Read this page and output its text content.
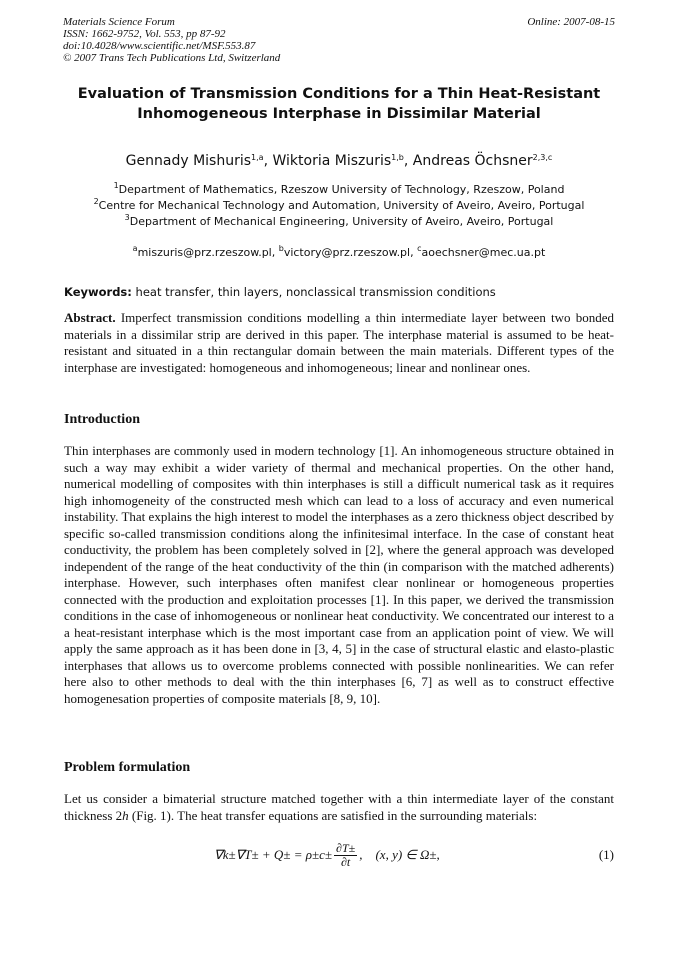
Materials Science Forum
ISSN: 1662-9752, Vol. 553, pp 87-92
doi:10.4028/www.scientific.net/MSF.553.87
© 2007 Trans Tech Publications Ltd, Switzerland
Online: 2007-08-15
Evaluation of Transmission Conditions for a Thin Heat-Resistant
Inhomogeneous Interphase in Dissimilar Material
Gennady Mishuris$^{1,a}$, Wiktoria Miszuris$^{1,b}$, Andreas Öchsner$^{2,3,c}$
$^1$Department of Mathematics, Rzeszow University of Technology, Rzeszow, Poland
$^2$Centre for Mechanical Technology and Automation, University of Aveiro, Aveiro, Portugal
$^3$Department of Mechanical Engineering, University of Aveiro, Aveiro, Portugal
$^a$miszuris@prz.rzeszow.pl, $^b$victory@prz.rzeszow.pl, $^c$aoechsner@mec.ua.pt
Keywords: heat transfer, thin layers, nonclassical transmission conditions
Abstract. Imperfect transmission conditions modelling a thin intermediate layer between two bonded materials in a dissimilar strip are derived in this paper. The interphase material is assumed to be heat-resistant and situated in a thin rectangular domain between the main materials. Different types of the interphase are investigated: homogeneous and inhomogeneous; linear and nonlinear ones.
Introduction
Thin interphases are commonly used in modern technology [1]. An inhomogeneous structure obtained in such a way may exhibit a wider variety of thermal and mechanical properties. On the other hand, numerical modelling of composites with thin interphases is still a difficult numerical task as it requires high inhomogeneity of the constructed mesh which can lead to a loss of accuracy and even numerical instability. That explains the high interest to model the interphases as a zero thickness object described by specific so-called transmission conditions along the infinitesimal interface. In the case of constant heat conductivity, the problem has been completely solved in [2], where the general approach was developed independent of the range of the heat conductivity of the thin (in comparison with the matched adherents) interphase. However, such interphases often manifest clear nonlinear or homogeneous properties connected with the production and exploitation processes [1]. In this paper, we derived the transmission conditions in the case of inhomogeneous or nonlinear heat conductivity. We concentrated our interest to a a heat-resistant interphase which is the most important case from an application point of view. We will apply the same approach as it has been done in [3, 4, 5] in the case of structural elastic and elasto-plastic interphases that allows us to overcome problems connected with possible nonlinearities. We can refer here also to other methods to deal with the thin interphases [6, 7] as well as to construct effective homogenesation properties of composite materials [8, 9, 10].
Problem formulation
Let us consider a bimaterial structure matched together with a thin intermediate layer of the constant thickness 2h (Fig. 1). The heat transfer equations are satisfied in the surrounding materials:
$\nabla k\pm\nabla T\pm + Q\pm = \rho\pm c\pm \frac{\partial T\pm}{\partial t}$ ,    (x, y) ∈ Ω±,	(1)
